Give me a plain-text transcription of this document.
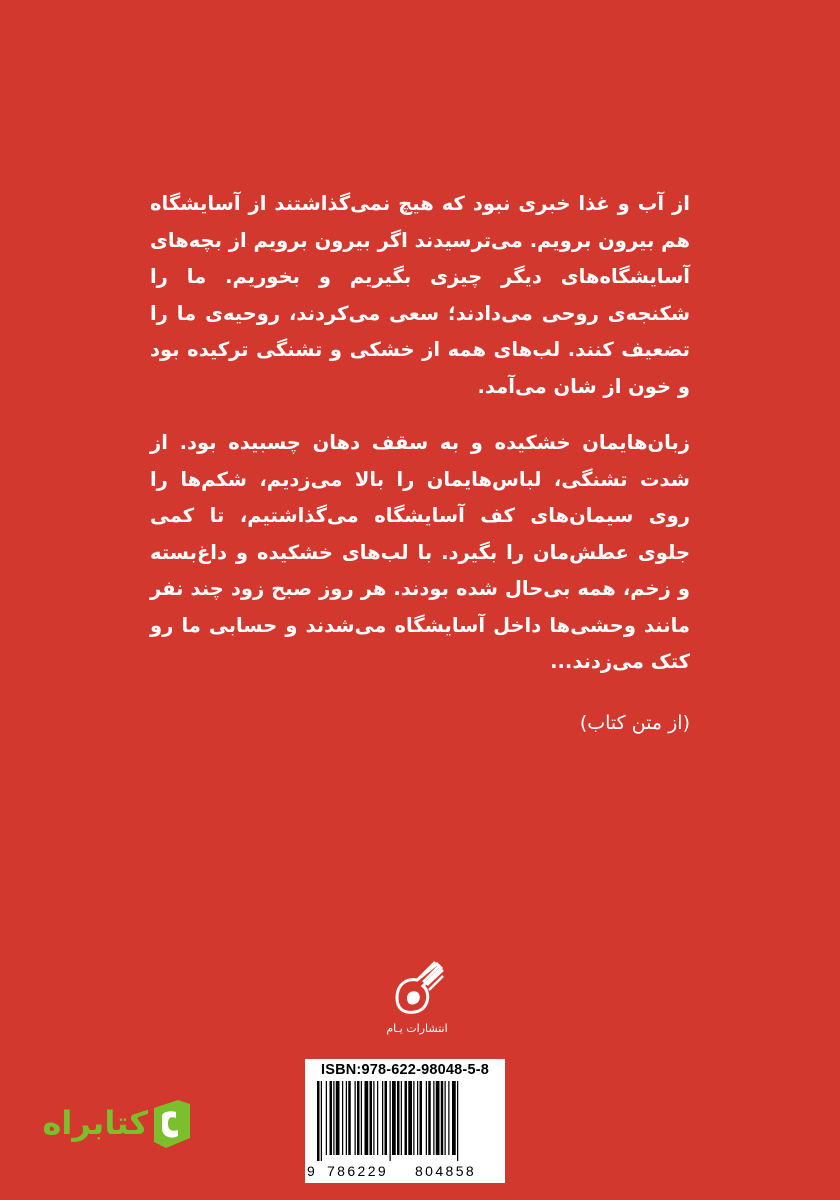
از آب و غذا خبری نبود که هیچ نمی‌گذاشتند از آسایشگاه هم بیرون برویم. می‌ترسیدند اگر بیرون برویم از بچه‌های آسایشگاه‌های دیگر چیزی بگیریم و بخوریم. ما را شکنجه‌ی روحی می‌دادند؛ سعی می‌کردند، روحیه‌ی ما را تضعیف کنند. لب‌های همه از خشکی و تشنگی ترکیده بود و خون از شان می‌آمد.

زبان‌هایمان خشکیده و به سقف دهان چسبیده بود. از شدت تشنگی، لباس‌هایمان را بالا می‌زدیم، شکم‌ها را روی سیمان‌های کف آسایشگاه می‌گذاشتیم، تا کمی جلوی عطش‌مان را بگیرد. با لب‌های خشکیده و داغ‌بسته و زخم، همه بی‌حال شده بودند. هر روز صبح زود چند نفر مانند وحشی‌ها داخل آسایشگاه می‌شدند و حسابی ما رو کتک می‌زدند...

(از متن کتاب)

انتشارات یـام
ISBN:978-622-98048-5-8
9 786229 804858
کتابراه
